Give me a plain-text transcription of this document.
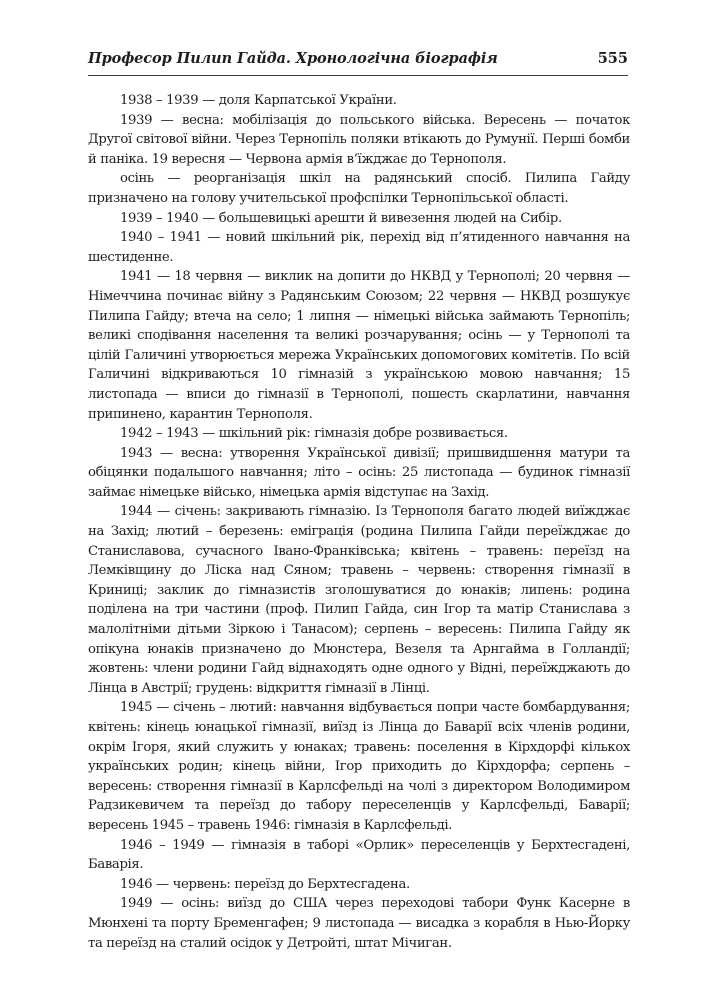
Професор Пилип Гайда. Хронологічна біографія	555

1938 – 1939 — доля Карпатської України.

1939 — весна: мобілізація до польського війська. Вересень — початок Другої світової війни. Через Тернопіль поляки втікають до Румунії. Перші бомби й паніка. 19 вересня — Червона армія в’їжджає до Тернополя.

осінь — реорганізація шкіл на радянський спосіб. Пилипа Гайду призначено на голову учительської профспілки Тернопільської області.

1939 – 1940 — большевицькі арешти й вивезення людей на Сибір.

1940 – 1941 — новий шкільний рік, перехід від п’ятиденного навчання на шестиденне.

1941 — 18 червня — виклик на допити до НКВД у Тернополі; 20 червня — Німеччина починає війну з Радянським Союзом; 22 червня — НКВД розшукує Пилипа Гайду; втеча на село; 1 липня — німецькі війська займають Тернопіль; великі сподівання населення та великі розчарування; осінь — у Тернополі та цілій Галичині утворюється мережа Українських допомогових комітетів. По всій Галичині відкриваються 10 гімназій з українською мовою навчання; 15 листопада — вписи до гімназії в Тернополі, пошесть скарлатини, навчання припинено, карантин Тернополя.

1942 – 1943 — шкільний рік: гімназія добре розвивається.

1943 — весна: утворення Української дивізії; пришвидшення матури та обіцянки подальшого навчання; літо – осінь: 25 листопада — будинок гімназії займає німецьке військо, німецька армія відступає на Захід.

1944 — січень: закривають гімназію. Із Тернополя багато людей виїжджає на Захід; лютий – березень: еміграція (родина Пилипа Гайди переїжджає до Станиславова, сучасного Івано-Франківська; квітень – травень: переїзд на Лемківщину до Ліска над Сяном; травень – червень: створення гімназії в Криниці; заклик до гімназистів зголошуватися до юнаків; липень: родина поділена на три частини (проф. Пилип Гайда, син Ігор та матір Станислава з малолітніми дітьми Зіркою і Танасом); серпень – вересень: Пилипа Гайду як опікуна юнаків призначено до Мюнстера, Везеля та Арнгайма в Голландії; жовтень: члени родини Гайд віднаходять одне одного у Відні, переїжджають до Лінца в Австрії; грудень: відкриття гімназії в Лінці.

1945 — січень – лютий: навчання відбувається попри часте бомбардування; квітень: кінець юнацької гімназії, виїзд із Лінца до Баварії всіх членів родини, окрім Ігоря, який служить у юнаках; травень: поселення в Кірхдорфі кількох українських родин; кінець війни, Ігор приходить до Кірхдорфа; серпень – вересень: створення гімназії в Карлсфельді на чолі з директором Володимиром Радзикевичем та переїзд до табору переселенців у Карлсфельді, Баварії; вересень 1945 – травень 1946: гімназія в Карлсфельді.

1946 – 1949 — гімназія в таборі «Орлик» переселенців у Берхтесгадені, Баварія.

1946 — червень: переїзд до Берхтесгадена.

1949 — осінь: виїзд до США через переходові табори Функ Касерне в Мюнхені та порту Бременгафен; 9 листопада — висадка з корабля в Нью-Йорку та переїзд на сталий осідок у Детройті, штат Мічиган.
